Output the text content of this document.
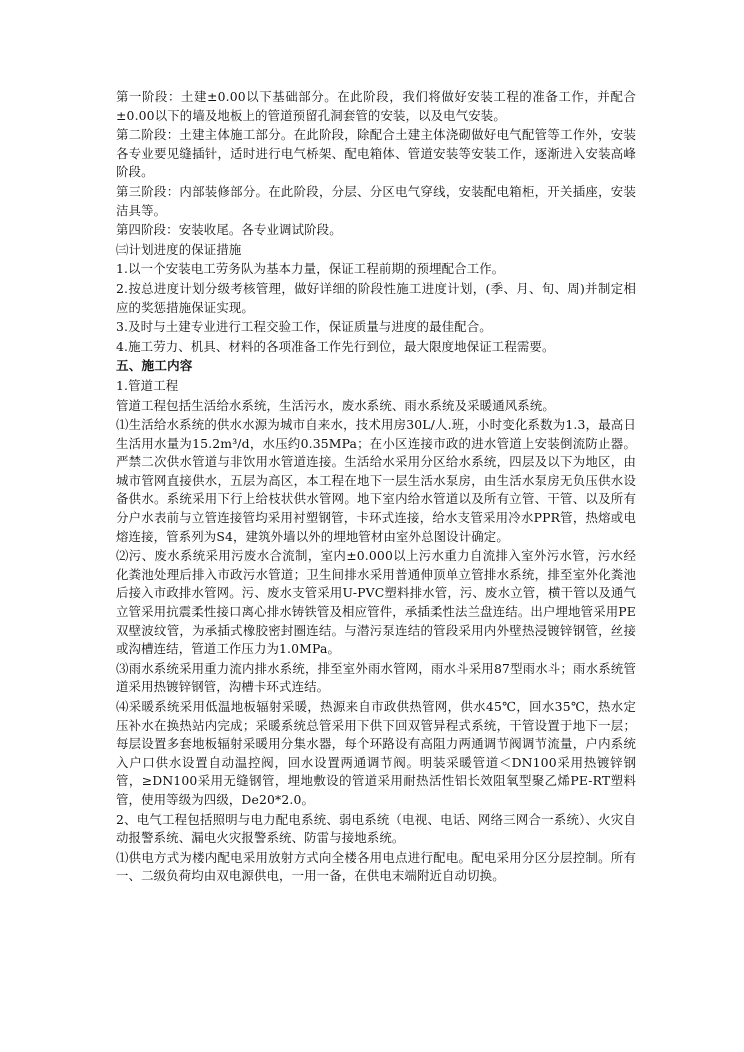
第一阶段：土建±0.00以下基础部分。在此阶段，我们将做好安装工程的准备工作，并配合±0.00以下的墙及地板上的管道预留孔洞套管的安装，以及电气安装。

第二阶段：土建主体施工部分。在此阶段，除配合土建主体浇砌做好电气配管等工作外，安装各专业要见缝插针，适时进行电气桥架、配电箱体、管道安装等安装工作，逐渐进入安装高峰阶段。

第三阶段：内部装修部分。在此阶段，分层、分区电气穿线，安装配电箱柜，开关插座，安装洁具等。

第四阶段：安装收尾。各专业调试阶段。

㈢计划进度的保证措施

1.以一个安装电工劳务队为基本力量，保证工程前期的预埋配合工作。

2.按总进度计划分级考核管理，做好详细的阶段性施工进度计划，(季、月、旬、周)并制定相应的奖惩措施保证实现。

3.及时与土建专业进行工程交验工作，保证质量与进度的最佳配合。

4.施工劳力、机具、材料的各项准备工作先行到位，最大限度地保证工程需要。

五、施工内容

1.管道工程

管道工程包括生活给水系统，生活污水，废水系统、雨水系统及采暖通风系统。

⑴生活给水系统的供水水源为城市自来水，技术用房30L/人.班，小时变化系数为1.3，最高日生活用水量为15.2m³/d，水压约0.35MPa；在小区连接市政的进水管道上安装倒流防止器。严禁二次供水管道与非饮用水管道连接。生活给水采用分区给水系统，四层及以下为地区，由城市管网直接供水，五层为高区，本工程在地下一层生活水泵房，由生活水泵房无负压供水设备供水。系统采用下行上给枝状供水管网。地下室内给水管道以及所有立管、干管、以及所有分户水表前与立管连接管均采用衬塑钢管，卡环式连接，给水支管采用冷水PPR管，热熔或电熔连接，管系列为S4，建筑外墙以外的埋地管材由室外总图设计确定。

⑵污、废水系统采用污废水合流制，室内±0.000以上污水重力自流排入室外污水管，污水经化粪池处理后排入市政污水管道；卫生间排水采用普通伸顶单立管排水系统，排至室外化粪池后接入市政排水管网。污、废水支管采用U-PVC塑料排水管，污、废水立管，横干管以及通气立管采用抗震柔性接口离心排水铸铁管及相应管件，承插柔性法兰盘连结。出户埋地管采用PE双壁波纹管，为承插式橡胶密封圈连结。与潜污泵连结的管段采用内外壁热浸镀锌钢管，丝接或沟槽连结，管道工作压力为1.0MPa。

⑶雨水系统采用重力流内排水系统，排至室外雨水管网，雨水斗采用87型雨水斗；雨水系统管道采用热镀锌钢管，沟槽卡环式连结。

⑷采暖系统采用低温地板辐射采暖，热源来自市政供热管网，供水45℃，回水35℃，热水定压补水在换热站内完成；采暖系统总管采用下供下回双管异程式系统，干管设置于地下一层；每层设置多套地板辐射采暖用分集水器，每个环路设有高阻力两通调节阀调节流量，户内系统入户口供水设置自动温控阀，回水设置两通调节阀。明装采暖管道＜DN100采用热镀锌钢管，≥DN100采用无缝钢管，埋地敷设的管道采用耐热活性铝长效阻氧型聚乙烯PE-RT塑料管，使用等级为四级，De20*2.0。

2、电气工程包括照明与电力配电系统、弱电系统（电视、电话、网络三网合一系统）、火灾自动报警系统、漏电火灾报警系统、防雷与接地系统。

⑴供电方式为楼内配电采用放射方式向全楼各用电点进行配电。配电采用分区分层控制。所有一、二级负荷均由双电源供电，一用一备，在供电末端附近自动切换。
